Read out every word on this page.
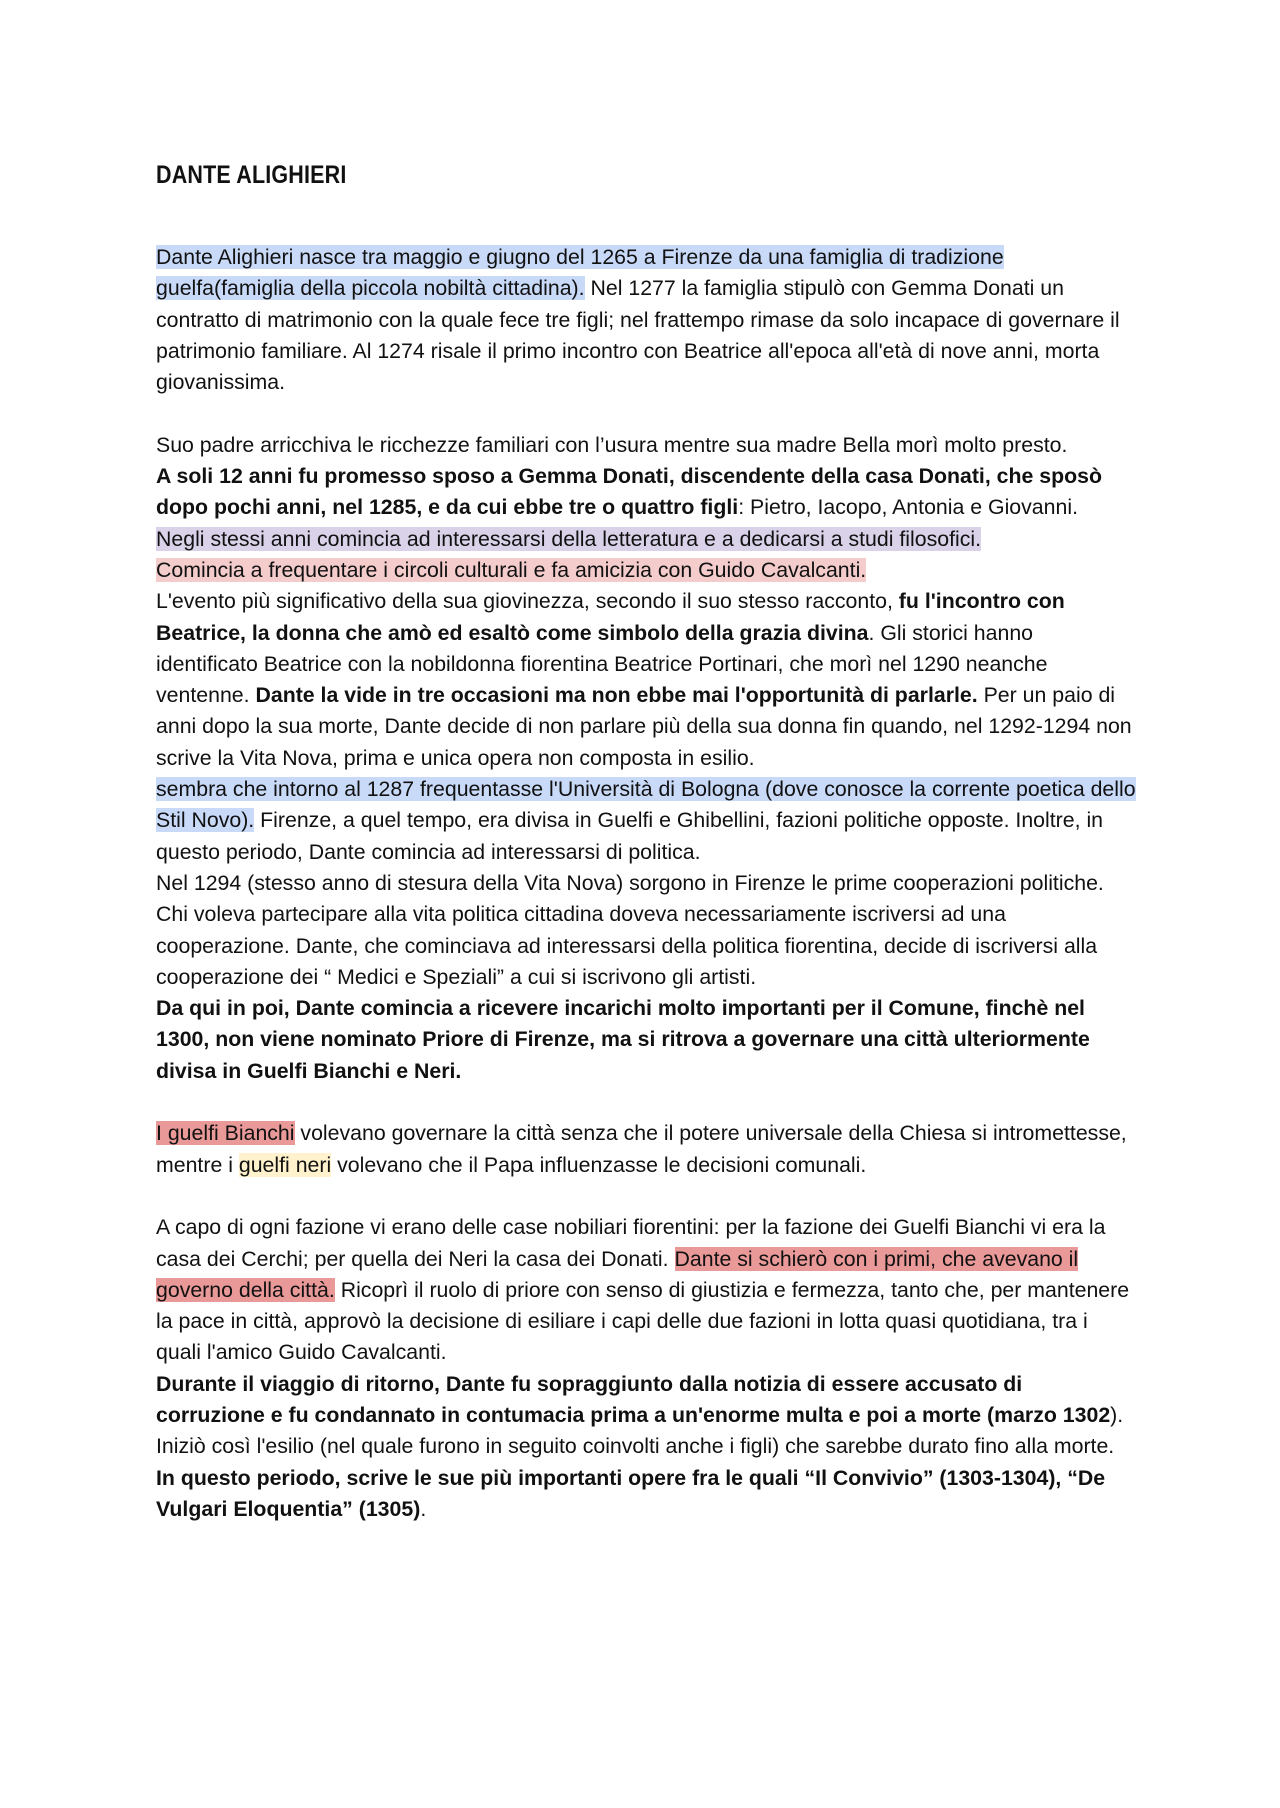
DANTE ALIGHIERI

Dante Alighieri nasce tra maggio e giugno del 1265 a Firenze da una famiglia di tradizione guelfa(famiglia della piccola nobiltà cittadina). Nel 1277 la famiglia stipulò con Gemma Donati un contratto di matrimonio con la quale fece tre figli; nel frattempo rimase da solo incapace di governare il patrimonio familiare. Al 1274 risale il primo incontro con Beatrice all'epoca all'età di nove anni, morta giovanissima.

Suo padre arricchiva le ricchezze familiari con l’usura mentre sua madre Bella morì molto presto.
A soli 12 anni fu promesso sposo a Gemma Donati, discendente della casa Donati, che sposò dopo pochi anni, nel 1285, e da cui ebbe tre o quattro figli: Pietro, Iacopo, Antonia e Giovanni.
Negli stessi anni comincia ad interessarsi della letteratura e a dedicarsi a studi filosofici.
Comincia a frequentare i circoli culturali e fa amicizia con Guido Cavalcanti.
L'evento più significativo della sua giovinezza, secondo il suo stesso racconto, fu l'incontro con Beatrice, la donna che amò ed esaltò come simbolo della grazia divina. Gli storici hanno identificato Beatrice con la nobildonna fiorentina Beatrice Portinari, che morì nel 1290 neanche ventenne. Dante la vide in tre occasioni ma non ebbe mai l'opportunità di parlarle. Per un paio di anni dopo la sua morte, Dante decide di non parlare più della sua donna fin quando, nel 1292-1294 non scrive la Vita Nova, prima e unica opera non composta in esilio.
sembra che intorno al 1287 frequentasse l'Università di Bologna (dove conosce la corrente poetica dello Stil Novo). Firenze, a quel tempo, era divisa in Guelfi e Ghibellini, fazioni politiche opposte. Inoltre, in questo periodo, Dante comincia ad interessarsi di politica.
Nel 1294 (stesso anno di stesura della Vita Nova) sorgono in Firenze le prime cooperazioni politiche. Chi voleva partecipare alla vita politica cittadina doveva necessariamente iscriversi ad una cooperazione. Dante, che cominciava ad interessarsi della politica fiorentina, decide di iscriversi alla cooperazione dei “ Medici e Speziali” a cui si iscrivono gli artisti.
Da qui in poi, Dante comincia a ricevere incarichi molto importanti per il Comune, finchè nel 1300, non viene nominato Priore di Firenze, ma si ritrova a governare una città ulteriormente divisa in Guelfi Bianchi e Neri.

I guelfi Bianchi volevano governare la città senza che il potere universale della Chiesa si intromettesse, mentre i guelfi neri volevano che il Papa influenzasse le decisioni comunali.

A capo di ogni fazione vi erano delle case nobiliari fiorentini: per la fazione dei Guelfi Bianchi vi era la casa dei Cerchi; per quella dei Neri la casa dei Donati. Dante si schierò con i primi, che avevano il governo della città. Ricoprì il ruolo di priore con senso di giustizia e fermezza, tanto che, per mantenere la pace in città, approvò la decisione di esiliare i capi delle due fazioni in lotta quasi quotidiana, tra i quali l'amico Guido Cavalcanti.
Durante il viaggio di ritorno, Dante fu sopraggiunto dalla notizia di essere accusato di corruzione e fu condannato in contumacia prima a un'enorme multa e poi a morte (marzo 1302). Iniziò così l'esilio (nel quale furono in seguito coinvolti anche i figli) che sarebbe durato fino alla morte. In questo periodo, scrive le sue più importanti opere fra le quali “Il Convivio” (1303-1304), “De Vulgari Eloquentia” (1305).
